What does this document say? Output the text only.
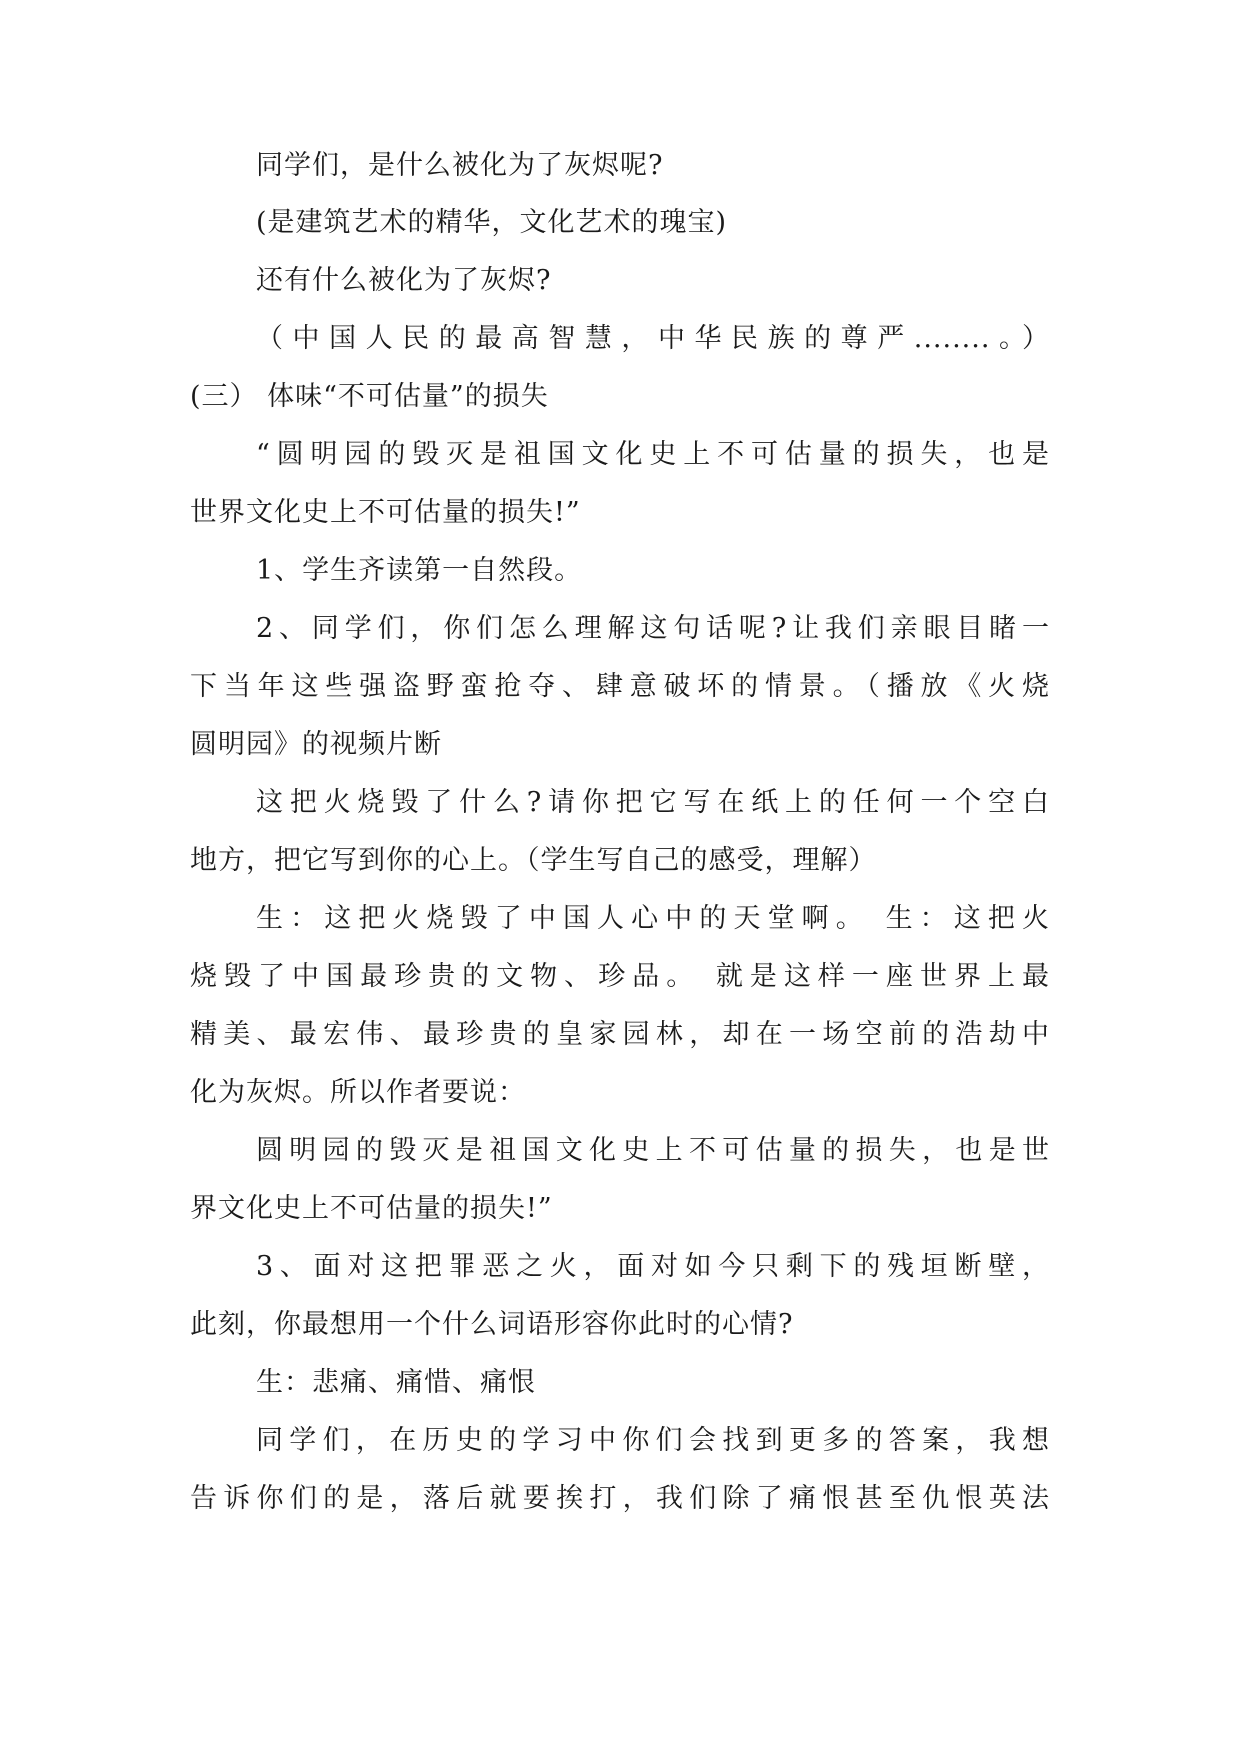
同学们，是什么被化为了灰烬呢?
(是建筑艺术的精华，文化艺术的瑰宝)
还有什么被化为了灰烬?
（中国人民的最高智慧，中华民族的尊严........。）
(三） 体味“不可估量”的损失
“圆明园的毁灭是祖国文化史上不可估量的损失，也是
世界文化史上不可估量的损失!”
1、学生齐读第一自然段。
2、同学们，你们怎么理解这句话呢?让我们亲眼目睹一
下当年这些强盗野蛮抢夺、肆意破坏的情景。（播放《火烧
圆明园》的视频片断
这把火烧毁了什么?请你把它写在纸上的任何一个空白
地方，把它写到你的心上。（学生写自己的感受，理解）
生：这把火烧毁了中国人心中的天堂啊。 生：这把火
烧毁了中国最珍贵的文物、珍品。 就是这样一座世界上最
精美、最宏伟、最珍贵的皇家园林，却在一场空前的浩劫中
化为灰烬。所以作者要说：
圆明园的毁灭是祖国文化史上不可估量的损失，也是世
界文化史上不可估量的损失!”
3、面对这把罪恶之火，面对如今只剩下的残垣断壁，
此刻，你最想用一个什么词语形容你此时的心情?
生：悲痛、痛惜、痛恨
同学们，在历史的学习中你们会找到更多的答案，我想
告诉你们的是，落后就要挨打，我们除了痛恨甚至仇恨英法
